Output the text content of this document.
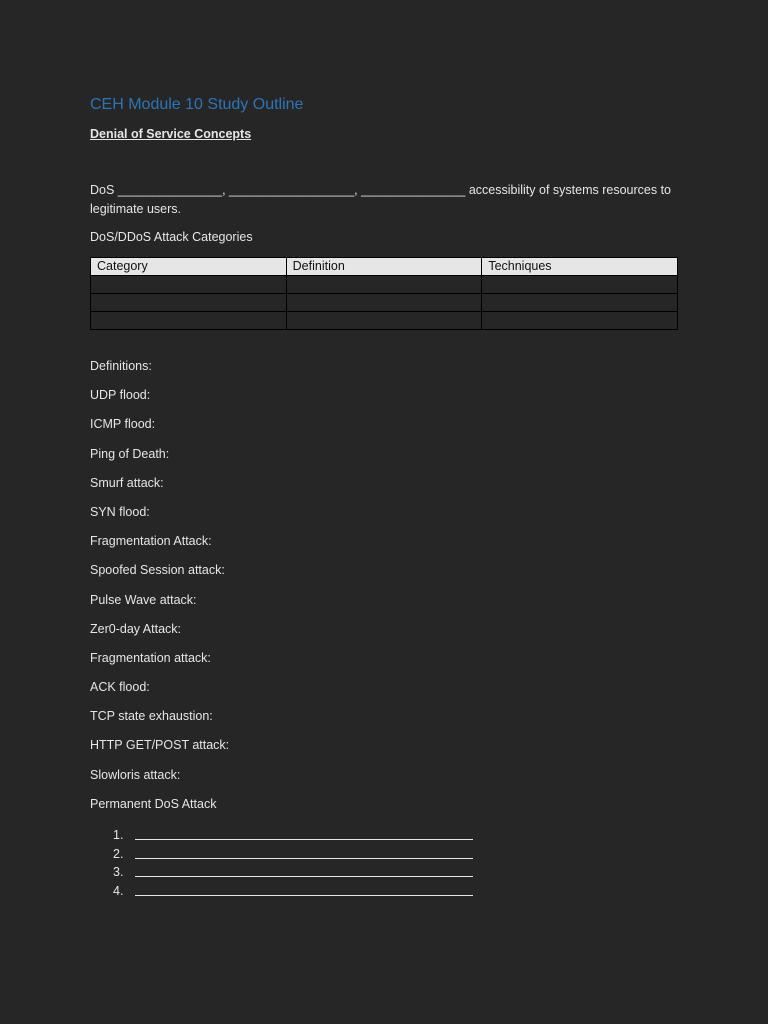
CEH Module 10 Study Outline
Denial of Service Concepts
DoS _______________, __________________, _______________ accessibility of systems resources to legitimate users.
DoS/DDoS Attack Categories
Category	Definition	Techniques

Definitions:
UDP flood:
ICMP flood:
Ping of Death:
Smurf attack:
SYN flood:
Fragmentation Attack:
Spoofed Session attack:
Pulse Wave attack:
Zer0-day Attack:
Fragmentation attack:
ACK flood:
TCP state exhaustion:
HTTP GET/POST attack:
Slowloris attack:
Permanent DoS Attack
1.
2.
3.
4.
